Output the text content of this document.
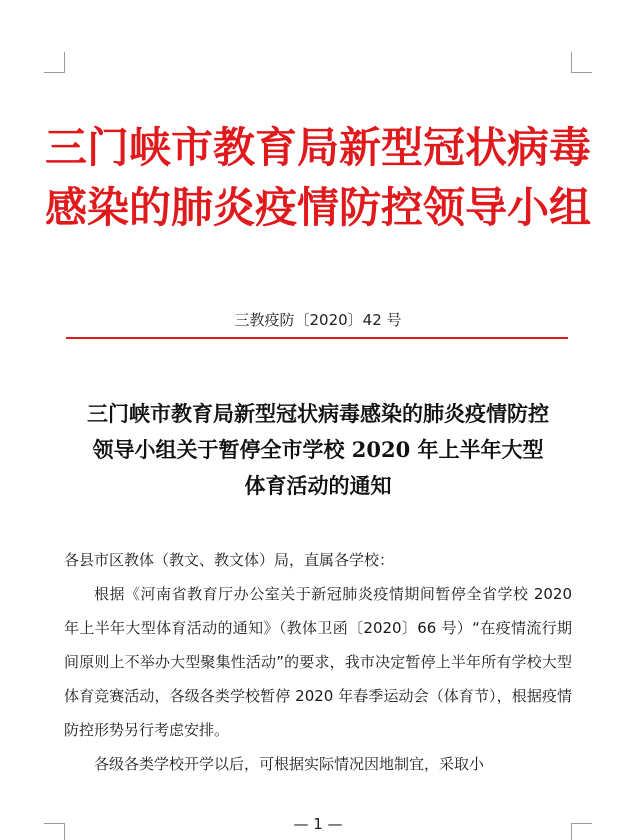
三门峡市教育局新型冠状病毒
感染的肺炎疫情防控领导小组
三教疫防〔2020〕42 号
三门峡市教育局新型冠状病毒感染的肺炎疫情防控
领导小组关于暂停全市学校 2020 年上半年大型
体育活动的通知

各县市区教体（教文、教文体）局，直属各学校：

根据《河南省教育厅办公室关于新冠肺炎疫情期间暂停全省学校 2020 年上半年大型体育活动的通知》（教体卫函〔2020〕66 号）“在疫情流行期间原则上不举办大型聚集性活动”的要求，我市决定暂停上半年所有学校大型体育竞赛活动，各级各类学校暂停 2020 年春季运动会（体育节），根据疫情防控形势另行考虑安排。

各级各类学校开学以后，可根据实际情况因地制宜，采取小

— 1 —
